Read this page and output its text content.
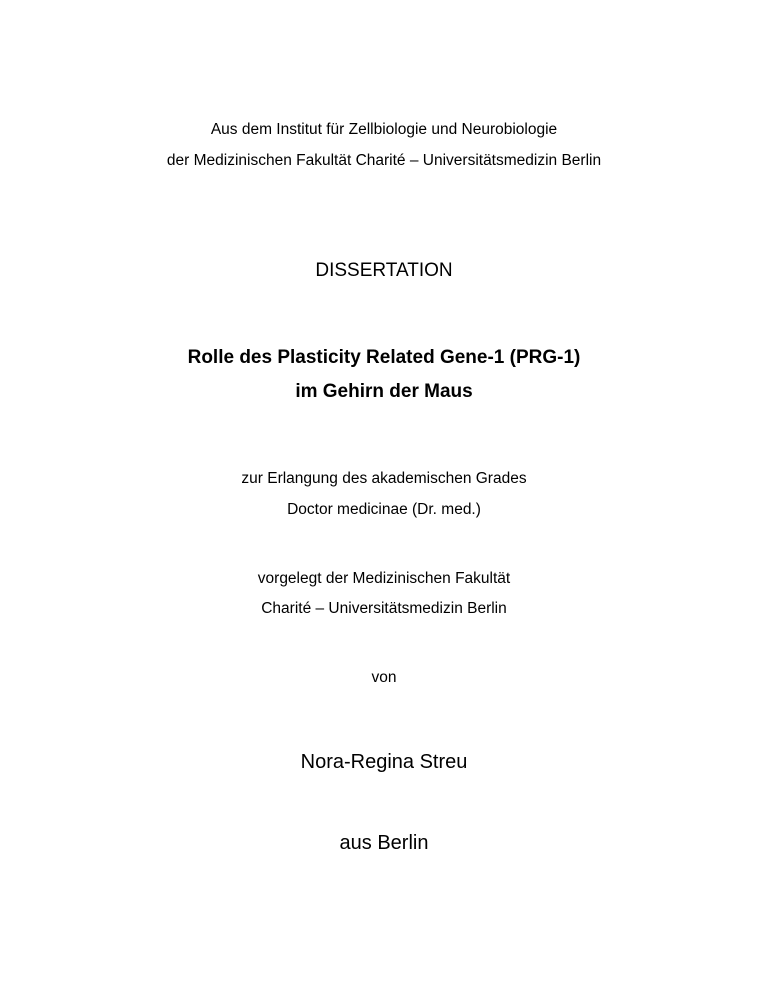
Aus dem Institut für Zellbiologie und Neurobiologie
der Medizinischen Fakultät Charité – Universitätsmedizin Berlin
DISSERTATION
Rolle des Plasticity Related Gene-1 (PRG-1)
im Gehirn der Maus
zur Erlangung des akademischen Grades
Doctor medicinae (Dr. med.)
vorgelegt der Medizinischen Fakultät
Charité – Universitätsmedizin Berlin
von
Nora-Regina Streu
aus Berlin
